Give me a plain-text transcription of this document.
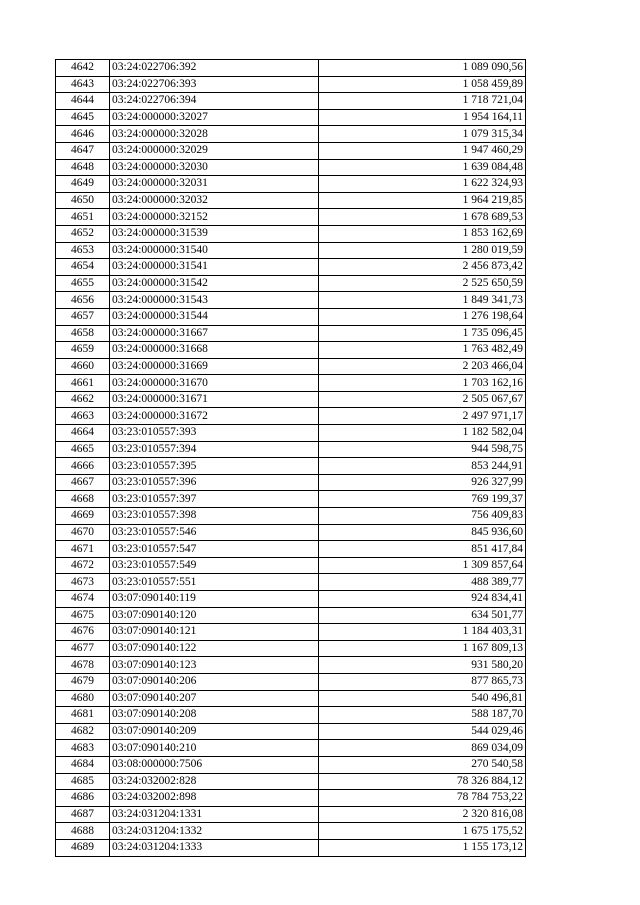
4642	03:24:022706:392	1 089 090,56
4643	03:24:022706:393	1 058 459,89
4644	03:24:022706:394	1 718 721,04
4645	03:24:000000:32027	1 954 164,11
4646	03:24:000000:32028	1 079 315,34
4647	03:24:000000:32029	1 947 460,29
4648	03:24:000000:32030	1 639 084,48
4649	03:24:000000:32031	1 622 324,93
4650	03:24:000000:32032	1 964 219,85
4651	03:24:000000:32152	1 678 689,53
4652	03:24:000000:31539	1 853 162,69
4653	03:24:000000:31540	1 280 019,59
4654	03:24:000000:31541	2 456 873,42
4655	03:24:000000:31542	2 525 650,59
4656	03:24:000000:31543	1 849 341,73
4657	03:24:000000:31544	1 276 198,64
4658	03:24:000000:31667	1 735 096,45
4659	03:24:000000:31668	1 763 482,49
4660	03:24:000000:31669	2 203 466,04
4661	03:24:000000:31670	1 703 162,16
4662	03:24:000000:31671	2 505 067,67
4663	03:24:000000:31672	2 497 971,17
4664	03:23:010557:393	1 182 582,04
4665	03:23:010557:394	944 598,75
4666	03:23:010557:395	853 244,91
4667	03:23:010557:396	926 327,99
4668	03:23:010557:397	769 199,37
4669	03:23:010557:398	756 409,83
4670	03:23:010557:546	845 936,60
4671	03:23:010557:547	851 417,84
4672	03:23:010557:549	1 309 857,64
4673	03:23:010557:551	488 389,77
4674	03:07:090140:119	924 834,41
4675	03:07:090140:120	634 501,77
4676	03:07:090140:121	1 184 403,31
4677	03:07:090140:122	1 167 809,13
4678	03:07:090140:123	931 580,20
4679	03:07:090140:206	877 865,73
4680	03:07:090140:207	540 496,81
4681	03:07:090140:208	588 187,70
4682	03:07:090140:209	544 029,46
4683	03:07:090140:210	869 034,09
4684	03:08:000000:7506	270 540,58
4685	03:24:032002:828	78 326 884,12
4686	03:24:032002:898	78 784 753,22
4687	03:24:031204:1331	2 320 816,08
4688	03:24:031204:1332	1 675 175,52
4689	03:24:031204:1333	1 155 173,12
